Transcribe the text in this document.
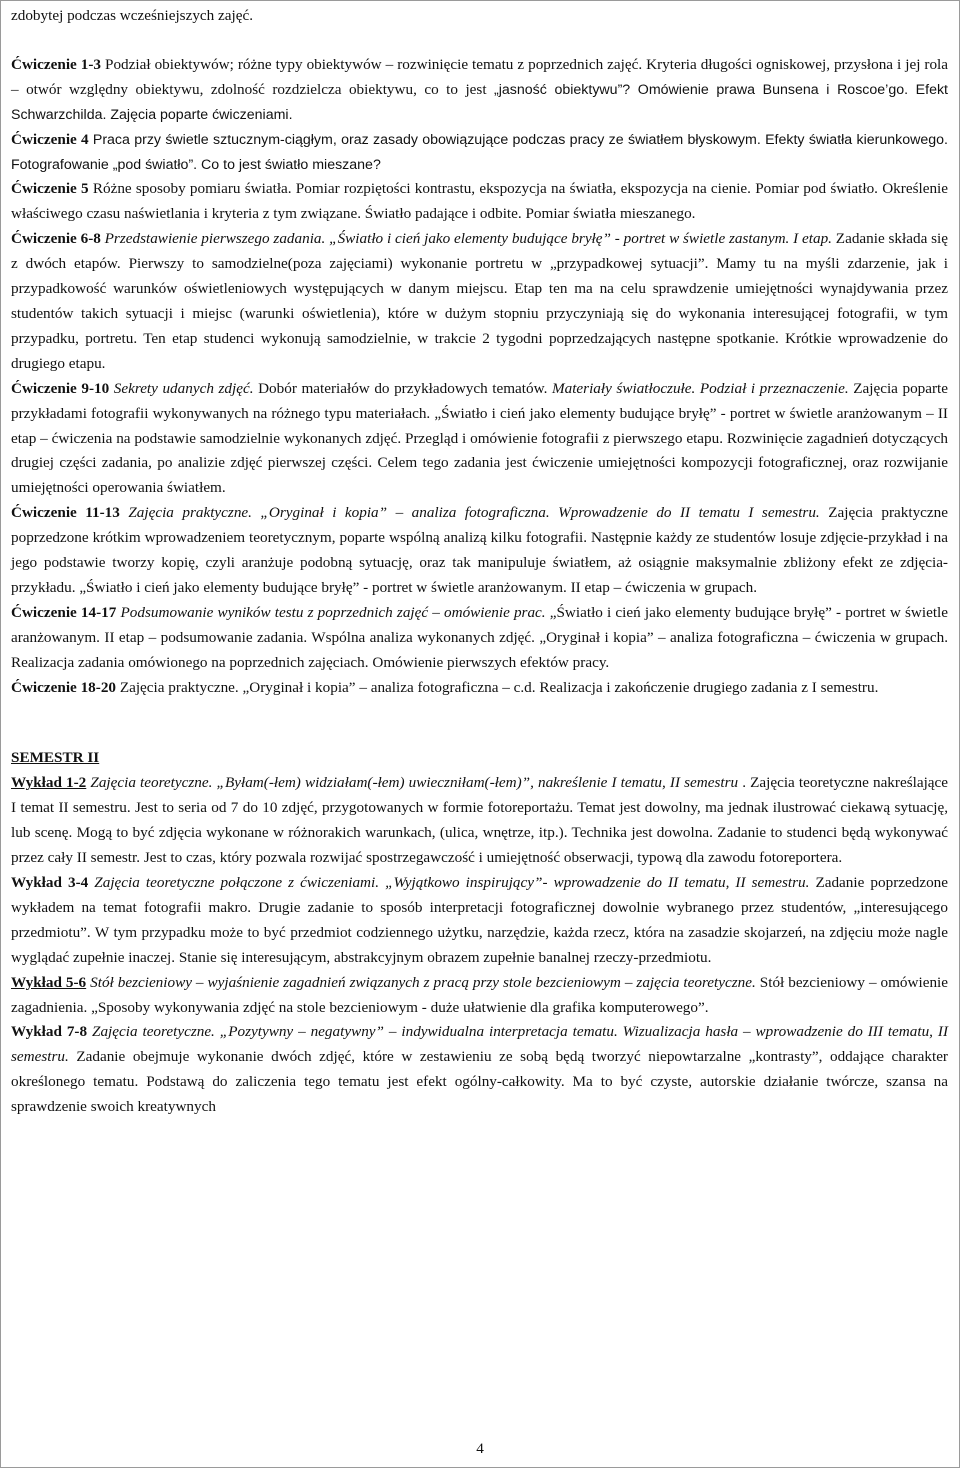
zdobytej podczas wcześniejszych zajęć.

Ćwiczenie 1-3 Podział obiektywów; różne typy obiektywów – rozwinięcie tematu z poprzednich zajęć. Kryteria długości ogniskowej, przysłona i jej rola – otwór względny obiektywu, zdolność rozdzielcza obiektywu, co to jest „jasność obiektywu”? Omówienie prawa Bunsena i Roscoe’go. Efekt Schwarzchilda. Zajęcia poparte ćwiczeniami.

Ćwiczenie 4 Praca przy świetle sztucznym-ciągłym, oraz zasady obowiązujące podczas pracy ze światłem błyskowym. Efekty światła kierunkowego. Fotografowanie „pod światło”. Co to jest światło mieszane?

Ćwiczenie 5 Różne sposoby pomiaru światła. Pomiar rozpiętości kontrastu, ekspozycja na światła, ekspozycja na cienie. Pomiar pod światło. Określenie właściwego czasu naświetlania i kryteria z tym związane. Światło padające i odbite. Pomiar światła mieszanego.

Ćwiczenie 6-8 Przedstawienie pierwszego zadania. „Światło i cień jako elementy budujące bryłę” - portret w świetle zastanym. I etap. Zadanie składa się z dwóch etapów. Pierwszy to samodzielne(poza zajęciami) wykonanie portretu w „przypadkowej sytuacji”. Mamy tu na myśli zdarzenie, jak i przypadkowość warunków oświetleniowych występujących w danym miejscu. Etap ten ma na celu sprawdzenie umiejętności wynajdywania przez studentów takich sytuacji i miejsc (warunki oświetlenia), które w dużym stopniu przyczyniają się do wykonania interesującej fotografii, w tym przypadku, portretu. Ten etap studenci wykonują samodzielnie, w trakcie 2 tygodni poprzedzających następne spotkanie. Krótkie wprowadzenie do drugiego etapu.

Ćwiczenie 9-10 Sekrety udanych zdjęć. Dobór materiałów do przykładowych tematów. Materiały światłoczułe. Podział i przeznaczenie. Zajęcia poparte przykładami fotografii wykonywanych na różnego typu materiałach. „Światło i cień jako elementy budujące bryłę” - portret w świetle aranżowanym – II etap – ćwiczenia na podstawie samodzielnie wykonanych zdjęć. Przegląd i omówienie fotografii z pierwszego etapu. Rozwinięcie zagadnień dotyczących drugiej części zadania, po analizie zdjęć pierwszej części. Celem tego zadania jest ćwiczenie umiejętności kompozycji fotograficznej, oraz rozwijanie umiejętności operowania światłem.

Ćwiczenie 11-13 Zajęcia praktyczne. „Oryginał i kopia” – analiza fotograficzna. Wprowadzenie do II tematu I semestru. Zajęcia praktyczne poprzedzone krótkim wprowadzeniem teoretycznym, poparte wspólną analizą kilku fotografii. Następnie każdy ze studentów losuje zdjęcie-przykład i na jego podstawie tworzy kopię, czyli aranżuje podobną sytuację, oraz tak manipuluje światłem, aż osiągnie maksymalnie zbliżony efekt ze zdjęcia-przykładu. „Światło i cień jako elementy budujące bryłę” - portret w świetle aranżowanym. II etap – ćwiczenia w grupach.

Ćwiczenie 14-17 Podsumowanie wyników testu z poprzednich zajęć – omówienie prac. „Światło i cień jako elementy budujące bryłę” - portret w świetle aranżowanym. II etap – podsumowanie zadania. Wspólna analiza wykonanych zdjęć. „Oryginał i kopia” – analiza fotograficzna – ćwiczenia w grupach. Realizacja zadania omówionego na poprzednich zajęciach. Omówienie pierwszych efektów pracy.

Ćwiczenie 18-20 Zajęcia praktyczne. „Oryginał i kopia” – analiza fotograficzna – c.d. Realizacja i zakończenie drugiego zadania z I semestru.

SEMESTR II

Wykład 1-2 Zajęcia teoretyczne. „Byłam(-łem) widziałam(-łem) uwieczniłam(-łem)”, nakreślenie I tematu, II semestru . Zajęcia teoretyczne nakreślające I temat II semestru. Jest to seria od 7 do 10 zdjęć, przygotowanych w formie fotoreportażu. Temat jest dowolny, ma jednak ilustrować ciekawą sytuację, lub scenę. Mogą to być zdjęcia wykonane w różnorakich warunkach, (ulica, wnętrze, itp.). Technika jest dowolna. Zadanie to studenci będą wykonywać przez cały II semestr. Jest to czas, który pozwala rozwijać spostrzegawczość i umiejętność obserwacji, typową dla zawodu fotoreportera.

Wykład 3-4 Zajęcia teoretyczne połączone z ćwiczeniami. „Wyjątkowo inspirujący”- wprowadzenie do II tematu, II semestru. Zadanie poprzedzone wykładem na temat fotografii makro. Drugie zadanie to sposób interpretacji fotograficznej dowolnie wybranego przez studentów, „interesującego przedmiotu”. W tym przypadku może to być przedmiot codziennego użytku, narzędzie, każda rzecz, która na zasadzie skojarzeń, na zdjęciu może nagle wyglądać zupełnie inaczej. Stanie się interesującym, abstrakcyjnym obrazem zupełnie banalnej rzeczy-przedmiotu.

Wykład 5-6 Stół bezcieniowy – wyjaśnienie zagadnień związanych z pracą przy stole bezcieniowym – zajęcia teoretyczne. Stół bezcieniowy – omówienie zagadnienia. „Sposoby wykonywania zdjęć na stole bezcieniowym - duże ułatwienie dla grafika komputerowego”.

Wykład 7-8 Zajęcia teoretyczne. „Pozytywny – negatywny” – indywidualna interpretacja tematu. Wizualizacja hasła – wprowadzenie do III tematu, II semestru. Zadanie obejmuje wykonanie dwóch zdjęć, które w zestawieniu ze sobą będą tworzyć niepowtarzalne „kontrasty”, oddające charakter określonego tematu. Podstawą do zaliczenia tego tematu jest efekt ogólny-całkowity. Ma to być czyste, autorskie działanie twórcze, szansa na sprawdzenie swoich kreatywnych

4
